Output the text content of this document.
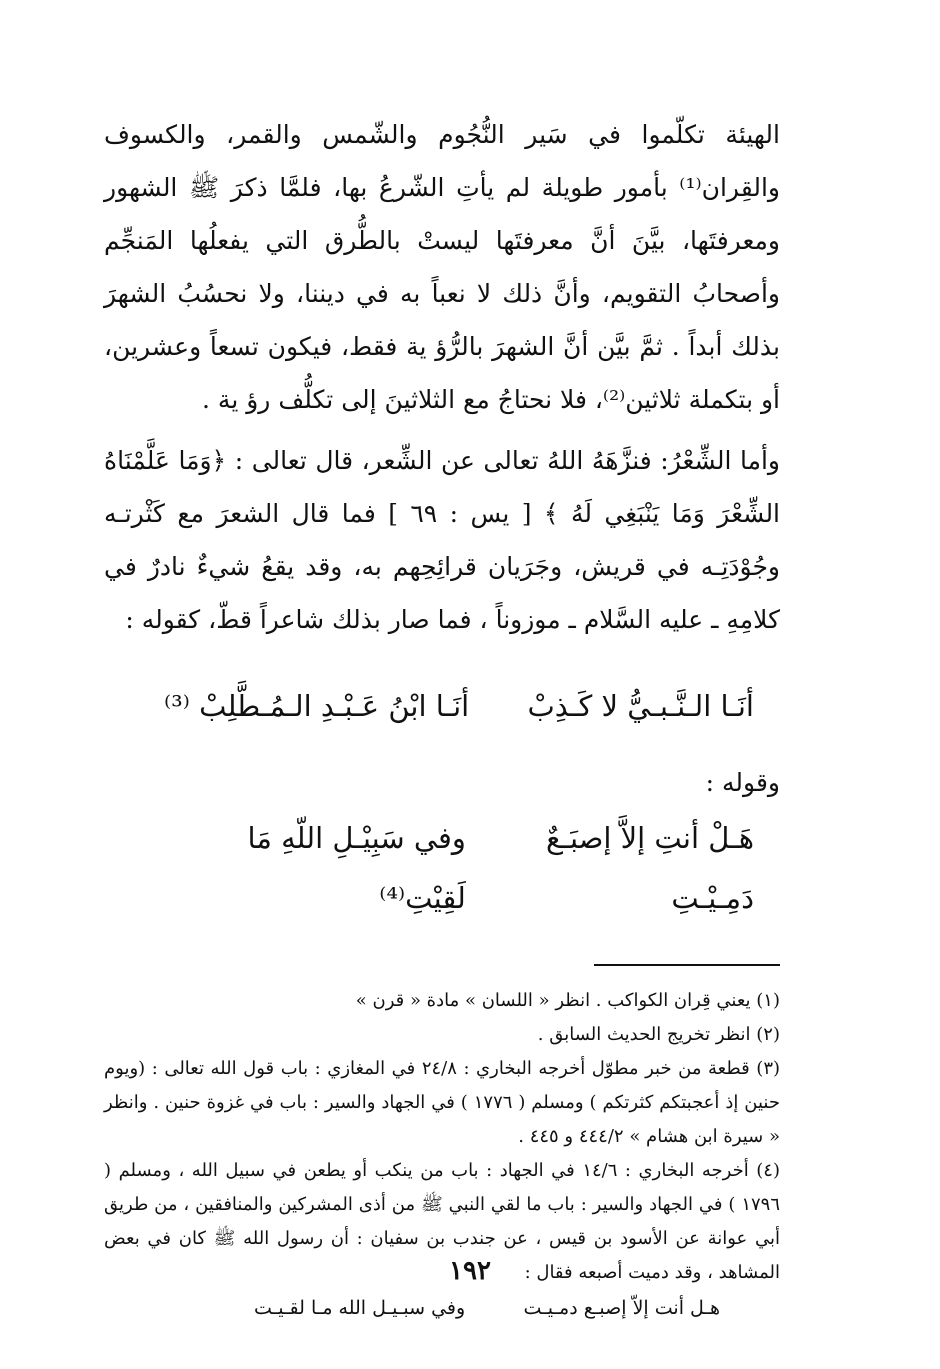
الهيئة تكلّموا في سَير النُّجُوم والشّمس والقمر، والكسوف والقِران⁽¹⁾ بأمور طويلة لم يأتِ الشّرعُ بها، فلمَّا ذكرَ ﷺ الشهور ومعرفتَها، بيَّنَ أنَّ معرفتَها ليستْ بالطُّرق التي يفعلُها المَنجِّم وأصحابُ التقويم، وأنَّ ذلك لا نعباً به في ديننا، ولا نحسُبُ الشهرَ بذلك أبداً . ثمَّ بيَّن أنَّ الشهرَ بالرُّؤ ية فقط، فيكون تسعاً وعشرين، أو بتكملة ثلاثين⁽²⁾، فلا نحتاجُ مع الثلاثينَ إلى تكلُّف رؤ ية .

وأما الشِّعْرُ: فنزَّهَهُ اللهُ تعالى عن الشِّعر، قال تعالى : ﴿وَمَا عَلَّمْنَاهُ الشِّعْرَ وَمَا يَنْبَغِي لَهُ ﴾ [ يس : ٦٩ ] فما قال الشعرَ مع كَثْرتـه وجُوْدَتِـه في قريش، وجَرَيان قرائِحِهم به، وقد يقعُ شيءٌ نادرٌ في كلامِهِ ـ عليه السَّلام ـ موزوناً ، فما صار بذلك شاعراً قطّ، كقوله :

أنَـا الـنَّـبـيُّ لا كَـذِبْ
أنَـا ابْنُ عَـبْـدِ الـمُـطَّلِبْ ⁽³⁾
وقوله :
هَـلْ أنتِ إلاَّ إصبَـعٌ دَمِـيْـتِ
وفي سَبِيْـلِ اللّهِ مَا لَقِيْتِ⁽⁴⁾

(١) يعني قِران الكواكب . انظر « اللسان » مادة « قرن »

(٢) انظر تخريج الحديث السابق .

(٣) قطعة من خبر مطوّل أخرجه البخاري : ٢٤/٨ في المغازي : باب قول الله تعالى : (ويوم حنين إذ أعجبتكم كثرتكم ) ومسلم ( ١٧٧٦ ) في الجهاد والسير : باب في غزوة حنين . وانظر « سيرة ابن هشام » ٤٤٤/٢ و ٤٤٥ .

(٤) أخرجه البخاري : ١٤/٦ في الجهاد : باب من ينكب أو يطعن في سبيل الله ، ومسلم ( ١٧٩٦ ) في الجهاد والسير : باب ما لقي النبي ﷺ من أذى المشركين والمنافقين ، من طريق أبي عوانة عن الأسود بن قيس ، عن جندب بن سفيان : أن رسول الله ﷺ كان في بعض المشاهد ، وقد دميت أصبعه فقال :

هـل أنت إلاّ إصبـع دمـيـت
وفي سبـيـل الله مـا لقـيـت
١٩٢
